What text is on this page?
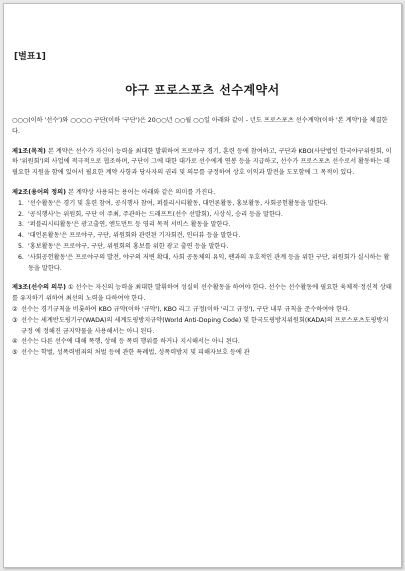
[별표1]
야구 프로스포츠 선수계약서

○○○(이하 '선수')와 ○○○○ 구단(이하 '구단')은 20○○년 ○○월 ○○일 아래와 같이 - 년도 프로스포츠 선수계약(이하 '본 계약')을 체결한다.

제1조(목적) 본 계약은 선수가 자신이 능력을 최대한 발휘하여 프로야구 경기, 훈련 등에 참여하고, 구단과 KBO(사단법인 한국야구위원회, 이하 '위원회')의 사업에 적극적으로 협조하며, 구단이 그에 대한 대가로 선수에게 연봉 등을 지급하고, 선수가 프로스포츠 선수로서 활동하는 데 필요한 지원을 함에 있어서 필요한 계약 사항과 당사자의 권리 및 의무를 규정하여 상호 이익과 발전을 도모함에 그 목적이 있다.

제2조(용어의 정의) 본 계약상 사용되는 용어는 아래와 같은 의미를 가진다.

1. '선수활동'은 경기 및 훈련 참여, 공식행사 참여, 퍼블리시티활동, 대언론활동, 홍보활동, 사회공헌활동을 말한다.
2. '공식행사'는 위원회, 구단 이 주최, 주관하는 드래프트(선수 선발회), 시상식, 승리 등을 말한다.
3. '퍼블리시티활동'은 광고출연, 엔도먼트 등 영리 목적 서비스 활동을 말한다.
4. '대언론활동'은 프로야구, 구단, 위원회와 관련된 기자회견, 인터뷰 등을 말한다.
5. '홍보활동'은 프로야구, 구단, 위원회의 홍보를 위한 광고 출연 등을 말한다.
6. '사회공헌활동'은 프로야구의 발전, 야구의 저변 확대, 사회 공동체의 유익, 팬과의 우호적인 관계 등을 위한 구단, 위원회가 실시하는 활동을 말한다.

제3조(선수의 의무) ① 선수는 자신의 능력을 최대한 발휘하여 성실히 선수활동을 하여야 한다. 선수는 선수활동에 필요한 육체적·정신적 상태를 유지하기 위하여 최선의 노력을 다하여야 한다.

② 선수는 경기규칙을 비롯하여 KBO 규약(이하 '규약'), KBO 리그 규정(이하 '리그 규정'), 구단 내부 규칙을 준수하여야 한다.
③ 선수는 세계반도핑기구(WADA)의 세계도핑방지규약(World Anti-Doping Code) 및 한국도핑방지위원회(KADA)의 프로스포츠도핑방지규정 에 정해진 금지약물을 사용해서는 아니 된다.
④ 선수는 다른 선수에 대해 폭행, 상해 등 폭력 행위를 하거나 지시해서는 아니 된다.
⑤ 선수는 학벌, 성폭력범죄의 처벌 등에 관한 특례법, 성폭력방지 및 피해자보호 등에 관
